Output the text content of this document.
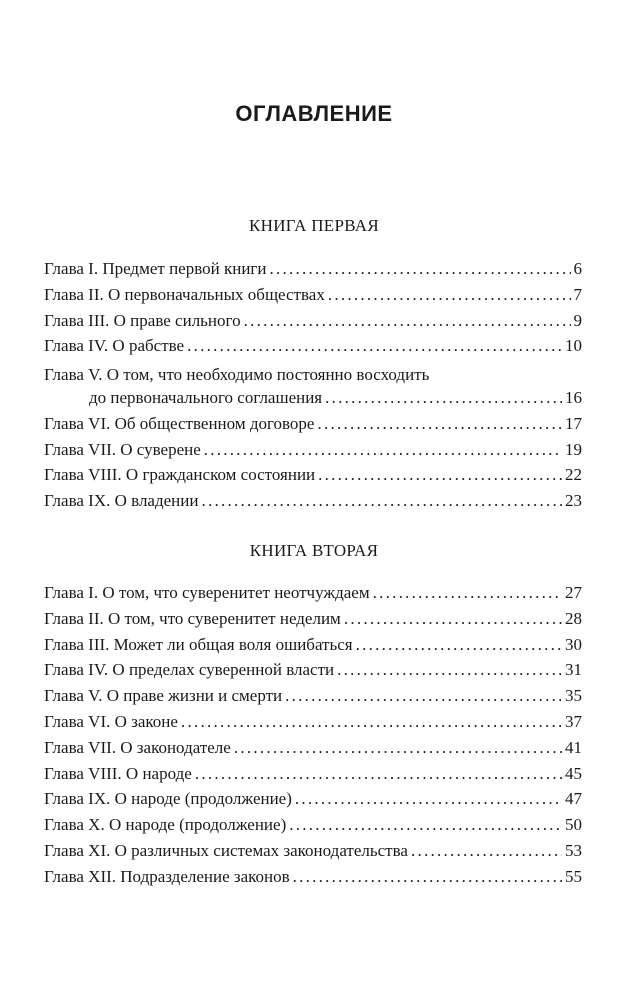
ОГЛАВЛЕНИЕ
КНИГА ПЕРВАЯ
Глава I. Предмет первой книги . . .	6
Глава II. О первоначальных обществах . . .	7
Глава III. О праве сильного . . .	9
Глава IV. О рабстве . . .	10
Глава V. О том, что необходимо постоянно восходить
до первоначального соглашения . . .	16
Глава VI. Об общественном договоре . . .	17
Глава VII. О суверене . . .	19
Глава VIII. О гражданском состоянии . . .	22
Глава IX. О владении . . .	23
КНИГА ВТОРАЯ
Глава I. О том, что суверенитет неотчуждаем . . .	27
Глава II. О том, что суверенитет неделим . . .	28
Глава III. Может ли общая воля ошибаться . . .	30
Глава IV. О пределах суверенной власти . . .	31
Глава V. О праве жизни и смерти . . .	35
Глава VI. О законе . . .	37
Глава VII. О законодателе . . .	41
Глава VIII. О народе . . .	45
Глава IX. О народе (продолжение) . . .	47
Глава X. О народе (продолжение) . . .	50
Глава XI. О различных системах законодательства . . .	53
Глава XII. Подразделение законов . . .	55
